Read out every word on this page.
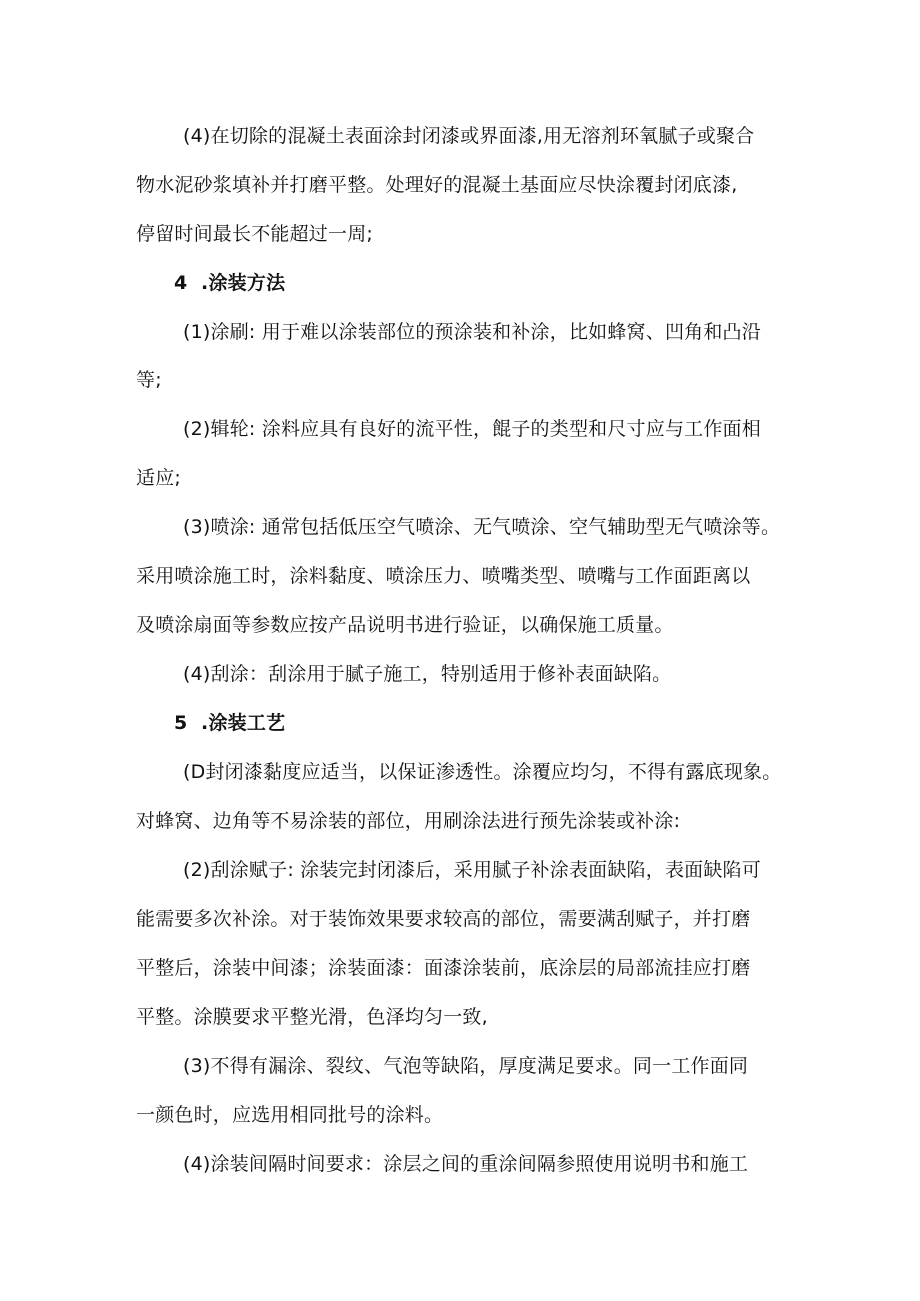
(4)在切除的混凝土表面涂封闭漆或界面漆,用无溶剂环氧腻子或聚合
物水泥砂浆填补并打磨平整。处理好的混凝土基面应尽快涂覆封闭底漆,
停留时间最长不能超过一周;
4  .涂装方法
(1)涂刷: 用于难以涂装部位的预涂装和补涂，比如蜂窝、凹角和凸沿
等;
(2)辑轮: 涂料应具有良好的流平性，餛子的类型和尺寸应与工作面相
适应;
(3)喷涂: 通常包括低压空气喷涂、无气喷涂、空气辅助型无气喷涂等。
采用喷涂施工时，涂料黏度、喷涂压力、喷嘴类型、喷嘴与工作面距离以
及喷涂扇面等参数应按产品说明书进行验证，以确保施工质量。
(4)刮涂：刮涂用于腻子施工，特别适用于修补表面缺陷。
5  .涂装工艺
(D封闭漆黏度应适当，以保证渗透性。涂覆应均匀，不得有露底现象。
对蜂窝、边角等不易涂装的部位，用刷涂法进行预先涂装或补涂:
(2)刮涂赋子: 涂装完封闭漆后，采用腻子补涂表面缺陷，表面缺陷可
能需要多次补涂。对于装饰效果要求较高的部位，需要满刮赋子，并打磨
平整后，涂装中间漆；涂装面漆：面漆涂装前，底涂层的局部流挂应打磨
平整。涂膜要求平整光滑，色泽均匀一致,
(3)不得有漏涂、裂纹、气泡等缺陷，厚度满足要求。同一工作面同
一颜色时，应选用相同批号的涂料。
(4)涂装间隔时间要求：涂层之间的重涂间隔参照使用说明书和施工
